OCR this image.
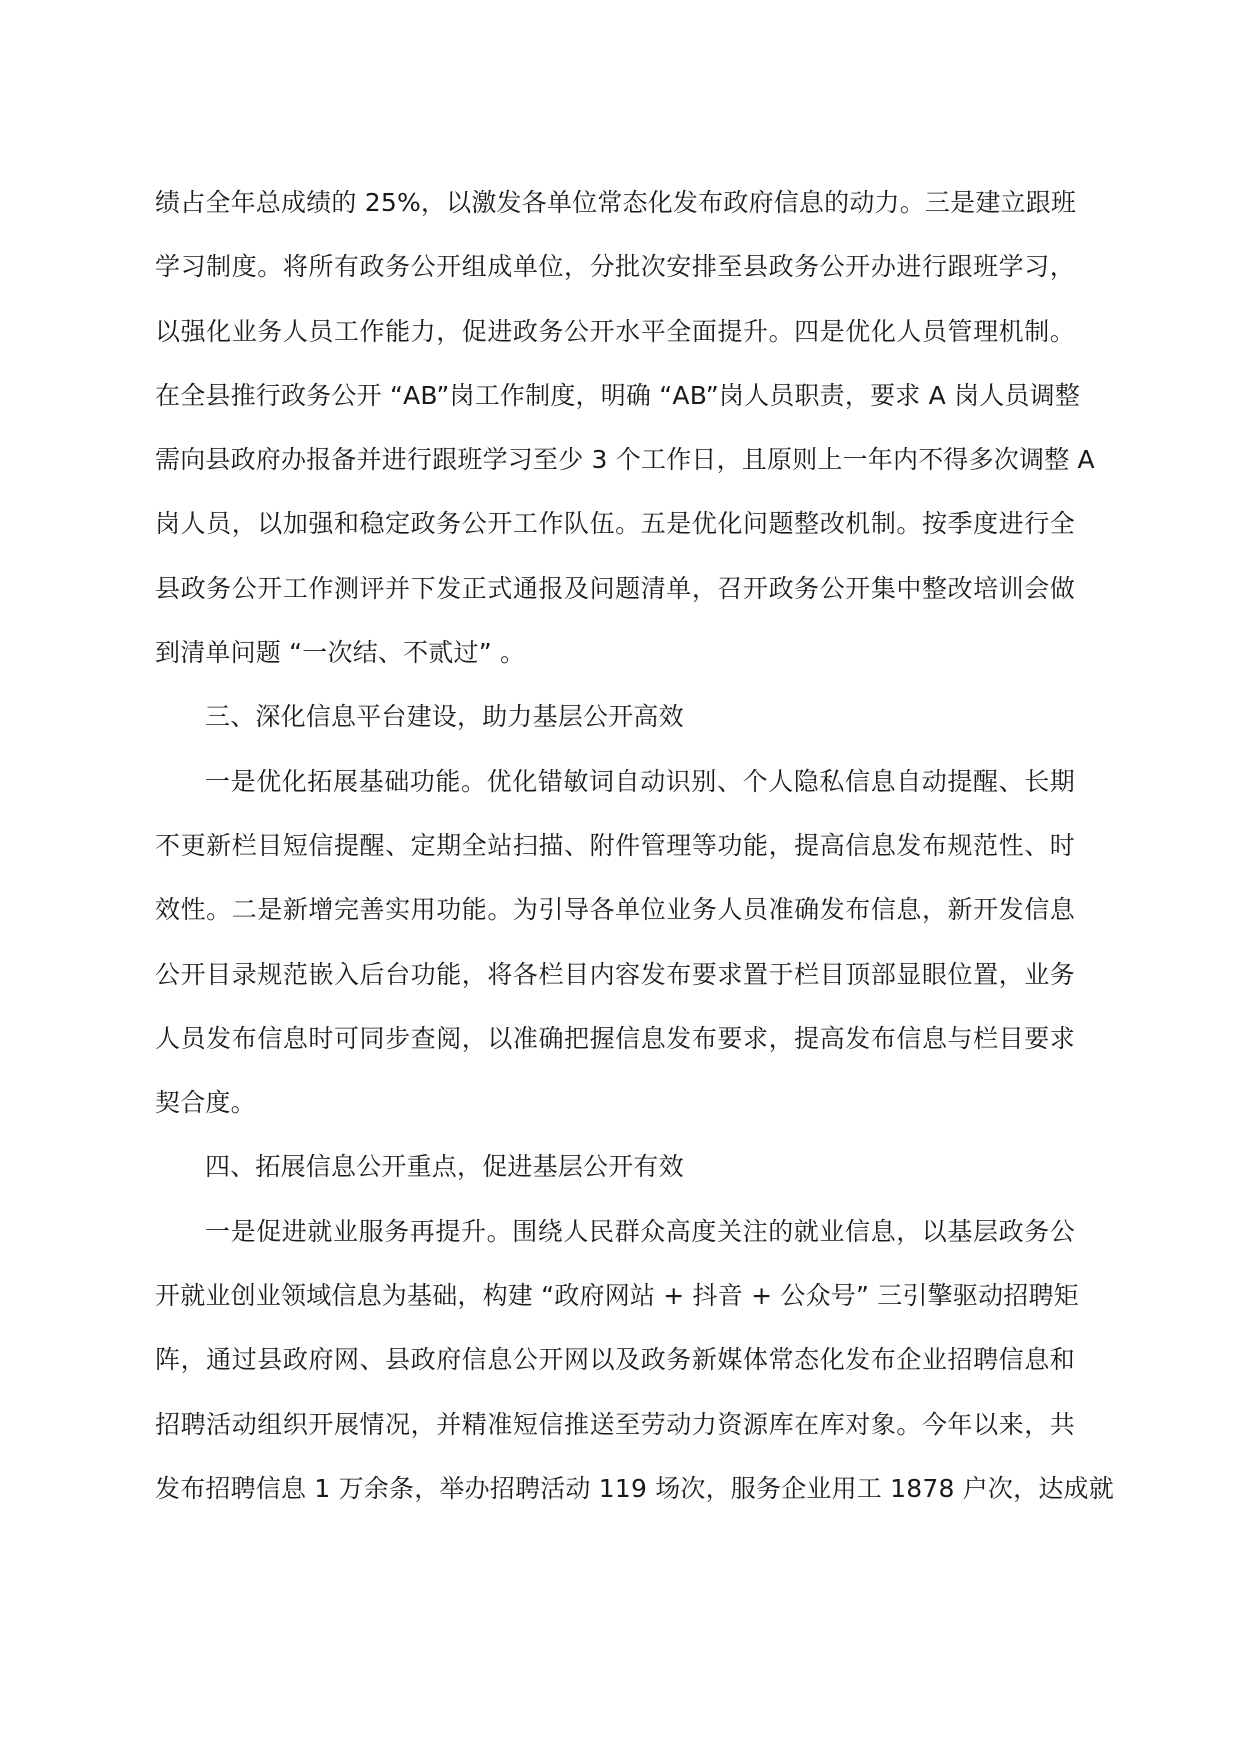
绩占全年总成绩的 25%，以激发各单位常态化发布政府信息的动力。三是建立跟班
学习制度。将所有政务公开组成单位，分批次安排至县政务公开办进行跟班学习，
以强化业务人员工作能力，促进政务公开水平全面提升。四是优化人员管理机制。
在全县推行政务公开 “AB”岗工作制度，明确 “AB”岗人员职责，要求 A 岗人员调整
需向县政府办报备并进行跟班学习至少 3 个工作日，且原则上一年内不得多次调整 A
岗人员，以加强和稳定政务公开工作队伍。五是优化问题整改机制。按季度进行全
县政务公开工作测评并下发正式通报及问题清单，召开政务公开集中整改培训会做
到清单问题 “一次结、不贰过” 。
三、深化信息平台建设，助力基层公开高效
一是优化拓展基础功能。优化错敏词自动识别、个人隐私信息自动提醒、长期
不更新栏目短信提醒、定期全站扫描、附件管理等功能，提高信息发布规范性、时
效性。二是新增完善实用功能。为引导各单位业务人员准确发布信息，新开发信息
公开目录规范嵌入后台功能，将各栏目内容发布要求置于栏目顶部显眼位置，业务
人员发布信息时可同步查阅，以准确把握信息发布要求，提高发布信息与栏目要求
契合度。
四、拓展信息公开重点，促进基层公开有效
一是促进就业服务再提升。围绕人民群众高度关注的就业信息，以基层政务公
开就业创业领域信息为基础，构建 “政府网站 + 抖音 + 公众号” 三引擎驱动招聘矩
阵，通过县政府网、县政府信息公开网以及政务新媒体常态化发布企业招聘信息和
招聘活动组织开展情况，并精准短信推送至劳动力资源库在库对象。今年以来，共
发布招聘信息 1 万余条，举办招聘活动 119 场次，服务企业用工 1878 户次，达成就
